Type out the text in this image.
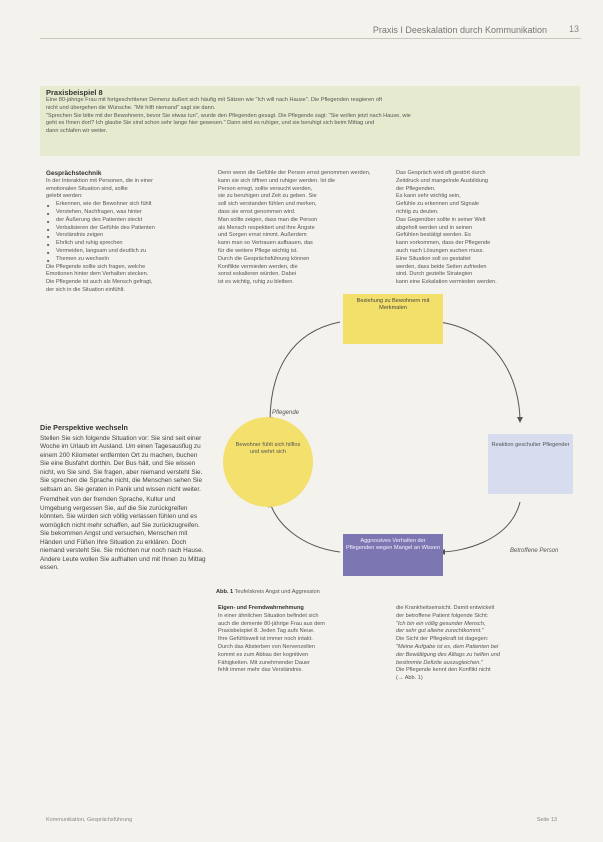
Praxis I Deeskalation durch Kommunikation 13
Praxisbeispiel 8
Eine 80-jährige Frau mit fortgeschrittener Demenz äußert sich häufig mit Sätzen wie "Ich will nach Hause". Die Pflegenden reagieren oft
nicht und übergehen die Wünsche. "Mir hilft niemand" sagt sie dann.
"Sprechen Sie bitte mit der Bewohnerin, bevor Sie etwas tun", wurde den Pflegenden gesagt. Die Pflegende sagt: "Sie wollen jetzt nach Hause, wie
geht es Ihnen dort? Ich glaube Sie sind schon sehr lange hier gewesen." Dann wird es ruhiger, und sie beruhigt sich beim Mittag und
dann schlafen wir weiter.
Gesprächstechnik
In der Interaktion mit Personen, die in einer
emotionalen Situation sind, sollte
gelebt werden:
■ Erkennen, wie der Bewohner sich fühlt
■ Verstehen, Nachfragen, was hinter
■ der Äußerung des Patienten steckt
■ Verbalisieren der Gefühle des Patienten
■ Verständnis zeigen
■ Ehrlich und ruhig sprechen
■ Vermeiden, langsam und deutlich zu
■ Themen zu wechseln
Die Pflegende sollte sich fragen, welche
Emotionen hinter dem Verhalten stecken.
Die Pflegende ist auch als Mensch gefragt,
der sich in die Situation einfühlt.
Denn wenn die Gefühle der Person ernst genommen werden,
kann sie sich öffnen und ruhiger werden. Ist die
Person erregt, sollte versucht werden,
sie zu beruhigen und Zeit zu geben. Sie
soll sich verstanden fühlen und merken,
dass sie ernst genommen wird.
Man sollte zeigen, dass man die Person
als Mensch respektiert und ihre Ängste
und Sorgen ernst nimmt. Außerdem
kann man so Vertrauen aufbauen, das
für die weitere Pflege wichtig ist.
Durch die Gesprächsführung können
Konflikte vermieden werden, die
sonst eskalieren würden. Dabei
ist es wichtig, ruhig zu bleiben.
Das Gespräch wird oft gestört durch
Zeitdruck und mangelnde Ausbildung
der Pflegenden.
Es kann sehr wichtig sein,
Gefühle zu erkennen und Signale
richtig zu deuten.
Das Gegenüber sollte in seiner Welt
abgeholt werden und in seinen
Gefühlen bestätigt werden. Es
kann vorkommen, dass der Pflegende
auch nach Lösungen suchen muss.
Eine Situation soll so gestaltet
werden, dass beide Seiten zufrieden
sind. Durch gezielte Strategien
kann eine Eskalation vermieden werden.
Die Perspektive wechseln

Stellen Sie sich folgende Situation vor: Sie sind seit einer Woche im Urlaub im Ausland. Um einen Tagesausflug zu einem 200 Kilometer entfernten Ort zu machen, buchen Sie eine Busfahrt dorthin. Der Bus hält, und Sie wissen nicht, wo Sie sind. Sie fragen, aber niemand versteht Sie. Sie sprechen die Sprache nicht, die Menschen sehen Sie seltsam an. Sie geraten in Panik und wissen nicht weiter.

Fremdheit von der fremden Sprache, Kultur und Umgebung vergessen Sie, auf die Sie zurückgreifen könnten. Sie würden sich völlig verlassen fühlen und es womöglich nicht mehr schaffen, auf Sie zurückzugreifen. Sie bekommen Angst und versuchen, Menschen mit Händen und Füßen Ihre Situation zu erklären. Doch niemand versteht Sie. Sie möchten nur noch nach Hause. Andere Leute wollen Sie aufhalten und mit Ihnen zu Mittag essen.

Beziehung zu Bewohnern mit Merkmalen
Reaktion geschulter Pflegender
Aggressives Verhalten der Pflegenden wegen Mangel an Wissen
Bewohner fühlt sich hilflos und wehrt sich
Pflegende
Betroffene Person
Abb. 1 Teufelskreis Angst und Aggression
Eigen- und Fremdwahrnehmung
In einer ähnlichen Situation befindet sich
auch die demente 80-jährige Frau aus dem
Praxisbeispiel 8. Jeden Tag aufs Neue.
Ihre Gefühlswelt ist immer noch intakt.
Durch das Absterben von Nervenzellen
kommt es zum Abbau der kognitiven
Fähigkeiten. Mit zunehmender Dauer
fehlt immer mehr das Verständnis.
die Krankheitseinsicht. Damit entwickelt
der betroffene Patient folgende Sicht:
"Ich bin ein völlig gesunder Mensch,
der sehr gut alleine zurechtkommt."
Die Sicht der Pflegekraft ist dagegen:
"Meine Aufgabe ist es, dem Patienten bei
der Bewältigung des Alltags zu helfen und
bestimmte Defizite auszugleichen."
Die Pflegende kennt den Konflikt nicht
(→ Abb. 1)
Kommunikation, Gesprächsführung	Seite 13
